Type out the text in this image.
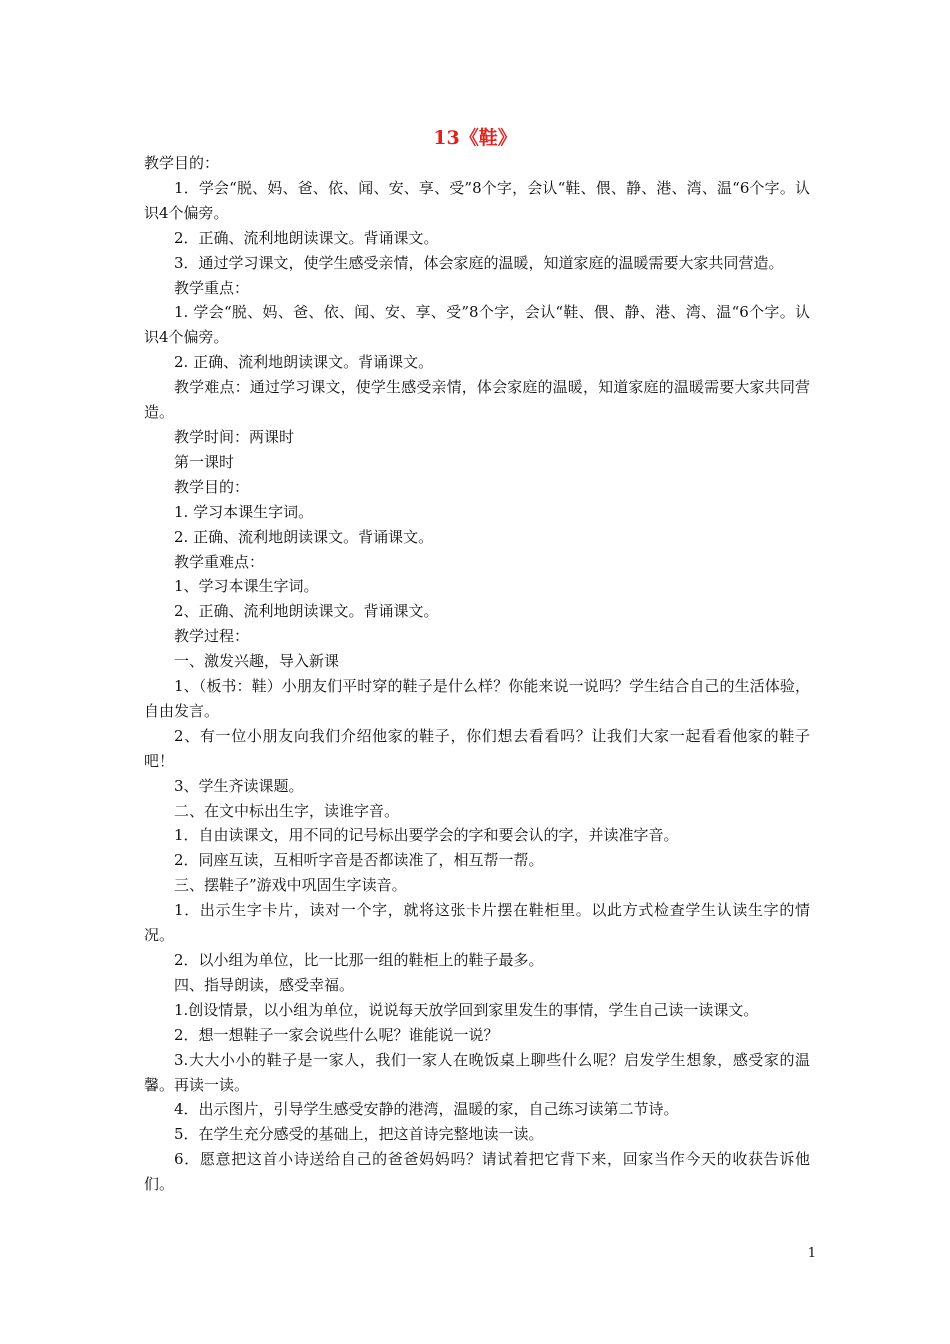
13《鞋》

教学目的：

1．学会“脱、妈、爸、依、闻、安、享、受”8个字，会认“鞋、偎、静、港、湾、温“6个字。认识4个偏旁。

2．正确、流利地朗读课文。背诵课文。

3．通过学习课文，使学生感受亲情，体会家庭的温暖，知道家庭的温暖需要大家共同营造。

教学重点：

1. 学会“脱、妈、爸、依、闻、安、享、受”8个字，会认“鞋、偎、静、港、湾、温“6个字。认识4个偏旁。

2. 正确、流利地朗读课文。背诵课文。

教学难点：通过学习课文，使学生感受亲情，体会家庭的温暖，知道家庭的温暖需要大家共同营造。

教学时间：两课时

第一课时

教学目的：

1. 学习本课生字词。

2. 正确、流利地朗读课文。背诵课文。

教学重难点：

1、学习本课生字词。

2、正确、流利地朗读课文。背诵课文。

教学过程：

一、激发兴趣，导入新课

1、（板书：鞋）小朋友们平时穿的鞋子是什么样？你能来说一说吗？学生结合自己的生活体验，自由发言。

2、有一位小朋友向我们介绍他家的鞋子，你们想去看看吗？让我们大家一起看看他家的鞋子吧！

3、学生齐读课题。

二、在文中标出生字，读谁字音。

1．自由读课文，用不同的记号标出要学会的字和要会认的字，并读准字音。

2．同座互读，互相听字音是否都读准了，相互帮一帮。

三、摆鞋子”游戏中巩固生字读音。

1．出示生字卡片，读对一个字，就将这张卡片摆在鞋柜里。以此方式检查学生认读生字的情况。

2．以小组为单位，比一比那一组的鞋柜上的鞋子最多。

四、指导朗读，感受幸福。

1.创设情景，以小组为单位，说说每天放学回到家里发生的事情，学生自己读一读课文。

2．想一想鞋子一家会说些什么呢？谁能说一说？

3.大大小小的鞋子是一家人，我们一家人在晚饭桌上聊些什么呢？启发学生想象，感受家的温馨。再读一读。

4．出示图片，引导学生感受安静的港湾，温暖的家，自己练习读第二节诗。

5．在学生充分感受的基础上，把这首诗完整地读一读。

6．愿意把这首小诗送给自己的爸爸妈妈吗？请试着把它背下来，回家当作今天的收获告诉他们。

1
